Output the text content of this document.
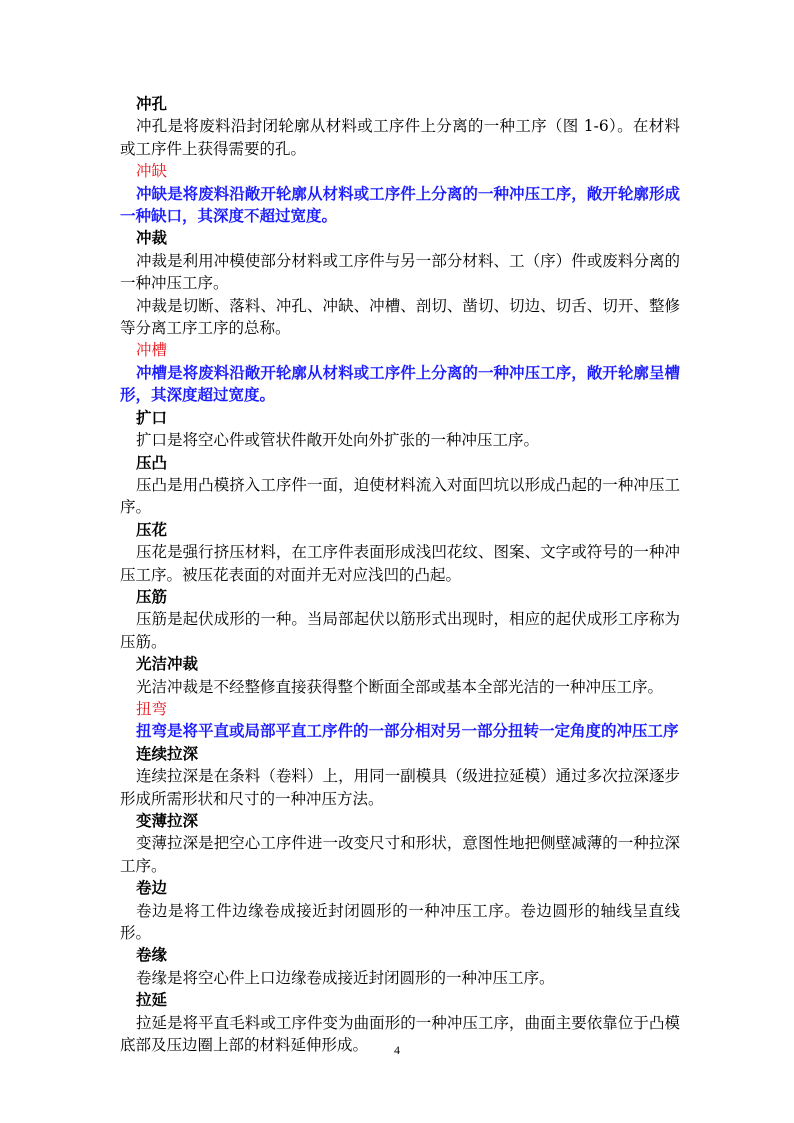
冲孔

冲孔是将废料沿封闭轮廓从材料或工序件上分离的一种工序（图 1-6）。在材料或工序件上获得需要的孔。

冲缺

冲缺是将废料沿敞开轮廓从材料或工序件上分离的一种冲压工序，敞开轮廓形成一种缺口，其深度不超过宽度。

冲裁

冲裁是利用冲模使部分材料或工序件与另一部分材料、工（序）件或废料分离的一种冲压工序。

冲裁是切断、落料、冲孔、冲缺、冲槽、剖切、凿切、切边、切舌、切开、整修等分离工序工序的总称。

冲槽

冲槽是将废料沿敞开轮廓从材料或工序件上分离的一种冲压工序，敞开轮廓呈槽形，其深度超过宽度。

扩口

扩口是将空心件或管状件敞开处向外扩张的一种冲压工序。

压凸

压凸是用凸模挤入工序件一面，迫使材料流入对面凹坑以形成凸起的一种冲压工序。

压花

压花是强行挤压材料，在工序件表面形成浅凹花纹、图案、文字或符号的一种冲压工序。被压花表面的对面并无对应浅凹的凸起。

压筋

压筋是起伏成形的一种。当局部起伏以筋形式出现时，相应的起伏成形工序称为压筋。

光洁冲裁

光洁冲裁是不经整修直接获得整个断面全部或基本全部光洁的一种冲压工序。

扭弯

扭弯是将平直或局部平直工序件的一部分相对另一部分扭转一定角度的冲压工序

连续拉深

连续拉深是在条料（卷料）上，用同一副模具（级进拉延模）通过多次拉深逐步形成所需形状和尺寸的一种冲压方法。

变薄拉深

变薄拉深是把空心工序件进一改变尺寸和形状，意图性地把侧壁减薄的一种拉深工序。

卷边

卷边是将工件边缘卷成接近封闭圆形的一种冲压工序。卷边圆形的轴线呈直线形。

卷缘

卷缘是将空心件上口边缘卷成接近封闭圆形的一种冲压工序。

拉延

拉延是将平直毛料或工序件变为曲面形的一种冲压工序，曲面主要依靠位于凸模底部及压边圈上部的材料延伸形成。	4
